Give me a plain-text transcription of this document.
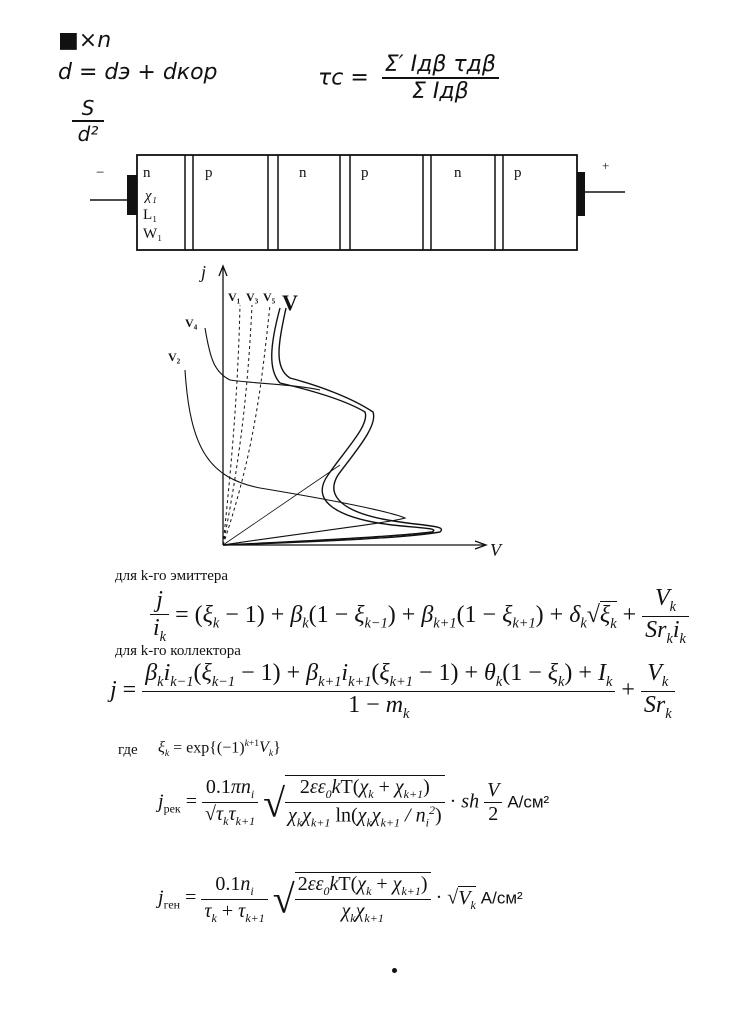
■×n
d = dэ + dкор
$\frac{S}{\text{d²}}$
$\tau с = \frac{\text{Σ′ Iдβ τдβ}}{\text{Σ Iдβ}}$
−	+
n
χ₁
L₁
W₁
p	n	p	n	p
j
V
V₁ V₃ V₅ V
V₄
V₂
для k-го эмиттера
$\frac{j}{i_k} = (\xi_k - 1) + \beta_k(1 - \xi_{k-1}) + \beta_{k+1}(1 - \xi_{k+1}) + \delta_k√\xi_k + \frac{V_k}{Sr_ki_k}$
для k-го коллектора
$j = \frac{\beta_ki_{k-1}(\xi_{k-1} - 1) + \beta_{k+1}i_{k+1}(\xi_{k+1} - 1) + \theta_k(1 - \xi_k) + I_k}{1 - m_k} + \frac{V_k}{Sr_k}$
где $\xi_k = \exp\{(-1)^{k+1}V_k\}$
$j_{рек} = \frac{0.1\pi n_i}{√\tau_k\tau_{k+1}}$ √ $\frac{2\varepsilon\varepsilon_0kT(\chi_k + \chi_{k+1})}{\chi_k\chi_{k+1} \ln(\chi_k\chi_{k+1} / n_i^2)}$ · sh $\frac{V}{2} А/см^2$
$j_{ген} = \frac{0.1n_i}{\tau_k + \tau_{k+1}}$ √ $\frac{2\varepsilon\varepsilon_0kT(\chi_k + \chi_{k+1})}{\chi_k\chi_{k+1}} \cdot √V_k$ А/см²
